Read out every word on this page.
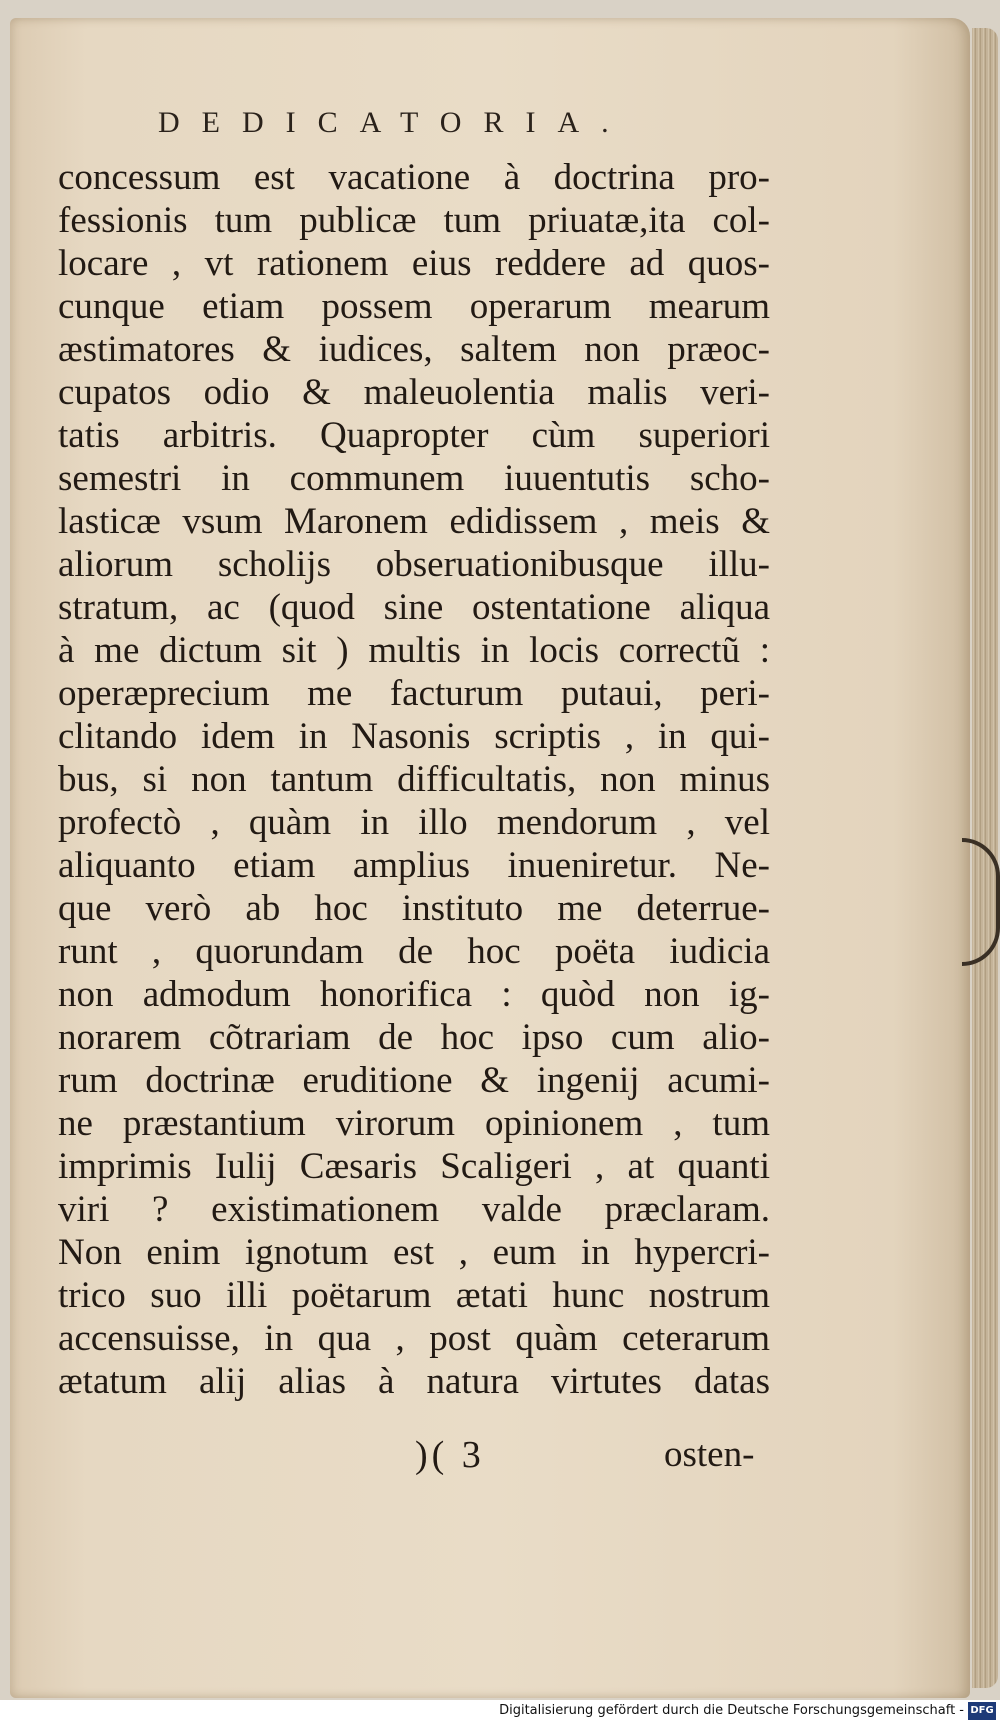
DEDICATORIA.
concessum est vacatione à doctrina pro-
fessionis tum publicæ tum priuatæ,ita col-
locare , vt rationem eius reddere ad quos-
cunque etiam possem operarum mearum
æstimatores & iudices, saltem non præoc-
cupatos odio & maleuolentia malis veri-
tatis arbitris. Quapropter cùm superiori
semestri in communem iuuentutis scho-
lasticæ vsum Maronem edidissem , meis &
aliorum scholijs obseruationibusque illu-
stratum, ac (quod sine ostentatione aliqua
à me dictum sit ) multis in locis correctũ :
operæprecium me facturum putaui, peri-
clitando idem in Nasonis scriptis , in qui-
bus, si non tantum difficultatis, non minus
profectò , quàm in illo mendorum , vel
aliquanto etiam amplius inueniretur. Ne-
que verò ab hoc instituto me deterrue-
runt , quorundam de hoc poëta iudicia
non admodum honorifica : quòd non ig-
norarem cõtrariam de hoc ipso cum alio-
rum doctrinæ eruditione & ingenij acumi-
ne præstantium virorum opinionem , tum
imprimis Iulij Cæsaris Scaligeri , at quanti
viri ? existimationem valde præclaram.
Non enim ignotum est , eum in hypercri-
trico suo illi poëtarum ætati hunc nostrum
accensuisse, in qua , post quàm ceterarum
ætatum alij alias à natura virtutes datas
)( 3	osten-
Digitalisierung gefördert durch die Deutsche Forschungsgemeinschaft - DFG
